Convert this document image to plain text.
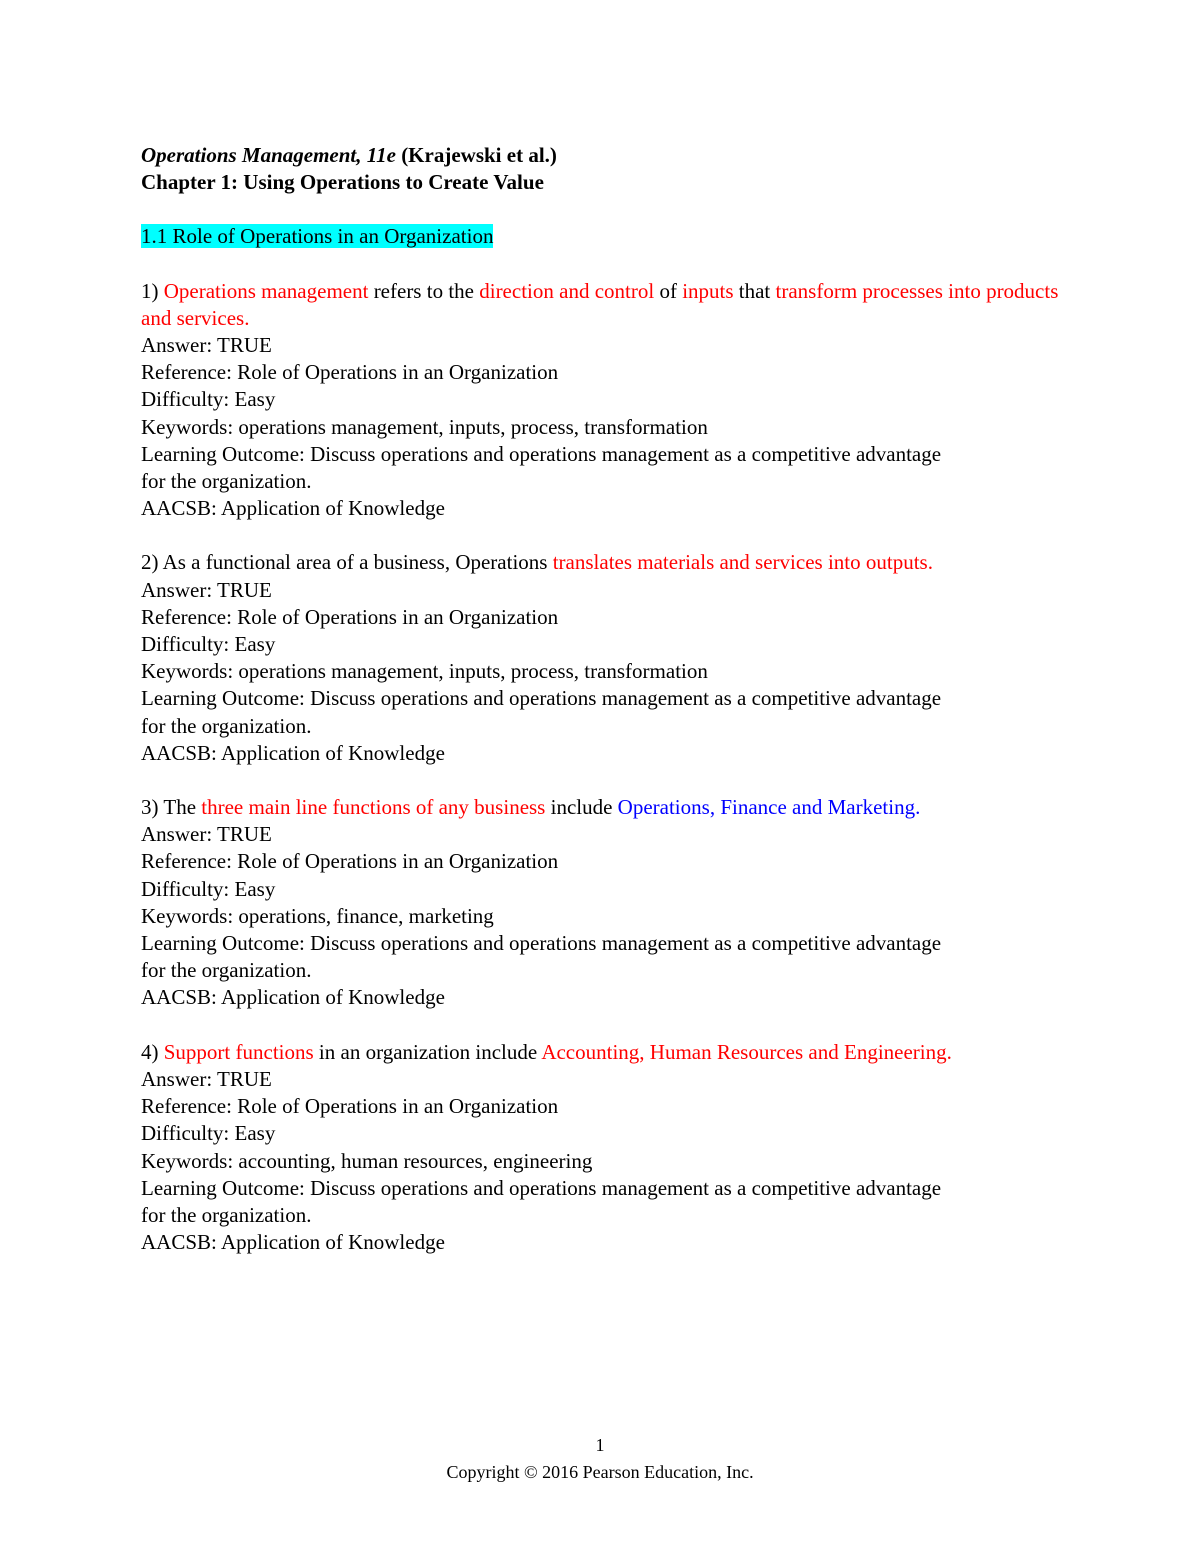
Operations Management, 11e (Krajewski et al.)
Chapter 1: Using Operations to Create Value
1.1 Role of Operations in an Organization
1) Operations management refers to the direction and control of inputs that transform processes into products and services.
Answer: TRUE
Reference: Role of Operations in an Organization
Difficulty: Easy
Keywords: operations management, inputs, process, transformation
Learning Outcome: Discuss operations and operations management as a competitive advantage
for the organization.
AACSB: Application of Knowledge
2) As a functional area of a business, Operations translates materials and services into outputs.
Answer: TRUE
Reference: Role of Operations in an Organization
Difficulty: Easy
Keywords: operations management, inputs, process, transformation
Learning Outcome: Discuss operations and operations management as a competitive advantage
for the organization.
AACSB: Application of Knowledge
3) The three main line functions of any business include Operations, Finance and Marketing.
Answer: TRUE
Reference: Role of Operations in an Organization
Difficulty: Easy
Keywords: operations, finance, marketing
Learning Outcome: Discuss operations and operations management as a competitive advantage
for the organization.
AACSB: Application of Knowledge
4) Support functions in an organization include Accounting, Human Resources and Engineering.
Answer: TRUE
Reference: Role of Operations in an Organization
Difficulty: Easy
Keywords: accounting, human resources, engineering
Learning Outcome: Discuss operations and operations management as a competitive advantage
for the organization.
AACSB: Application of Knowledge
1
Copyright © 2016 Pearson Education, Inc.
